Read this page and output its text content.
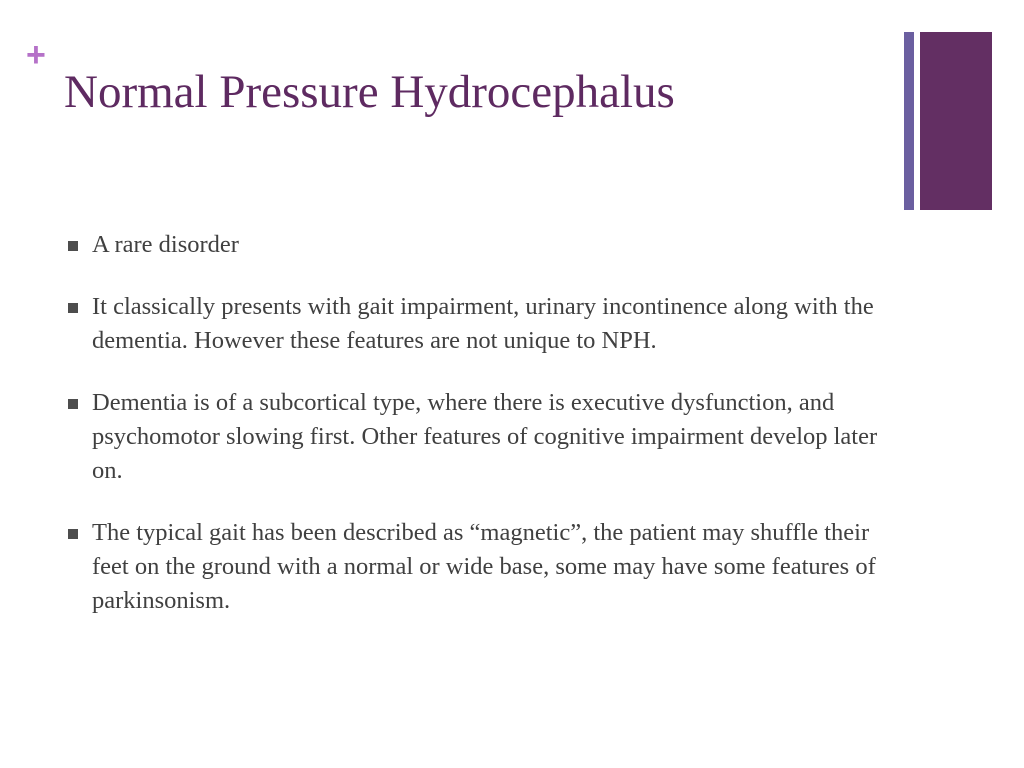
+
Normal Pressure Hydrocephalus
A rare disorder
It classically presents with gait impairment, urinary incontinence along with the dementia. However these features are not unique to NPH.
Dementia is of a subcortical type, where there is executive dysfunction, and psychomotor slowing first. Other features of cognitive impairment develop later on.
The typical gait has been described as “magnetic”, the patient may shuffle their feet on the ground with a normal or wide base, some may have some features of parkinsonism.
